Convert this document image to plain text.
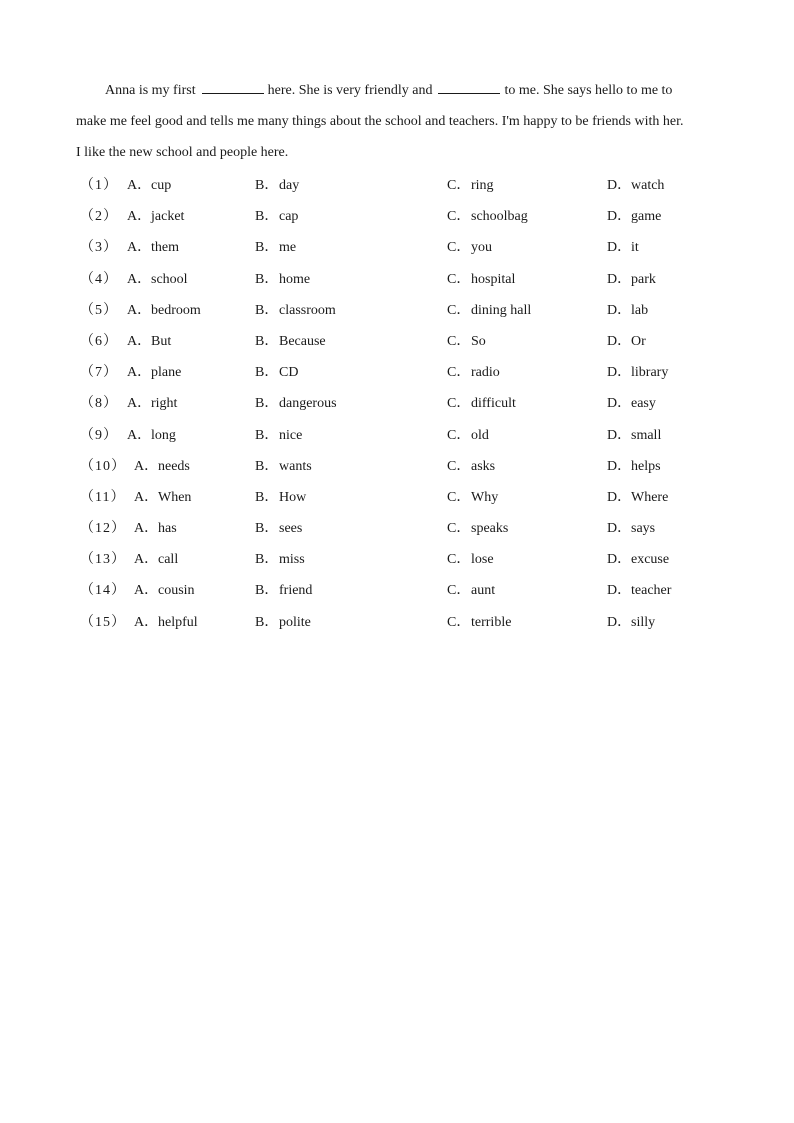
Anna is my first	here. She is very friendly and	to me. She says hello to me to
make me feel good and tells me many things about the school and teachers. I'm happy to be friends with her.
I like the new school and people here.
（1） A．cup	B．day	C．ring	D．watch
（2） A．jacket	B．cap	C．schoolbag	D．game
（3） A．them	B．me	C．you	D．it
（4） A．school	B．home	C．hospital	D．park
（5） A．bedroom	B．classroom	C．dining hall	D．lab
（6） A．But	B．Because	C．So	D．Or
（7） A．plane	B．CD	C．radio	D．library
（8） A．right	B．dangerous	C．difficult	D．easy
（9） A．long	B．nice	C．old	D．small
（10） A．needs	B．wants	C．asks	D．helps
（11） A．When	B．How	C．Why	D．Where
（12） A．has	B．sees	C．speaks	D．says
（13） A．call	B．miss	C．lose	D．excuse
（14） A．cousin	B．friend	C．aunt	D．teacher
（15） A．helpful	B．polite	C．terrible	D．silly
